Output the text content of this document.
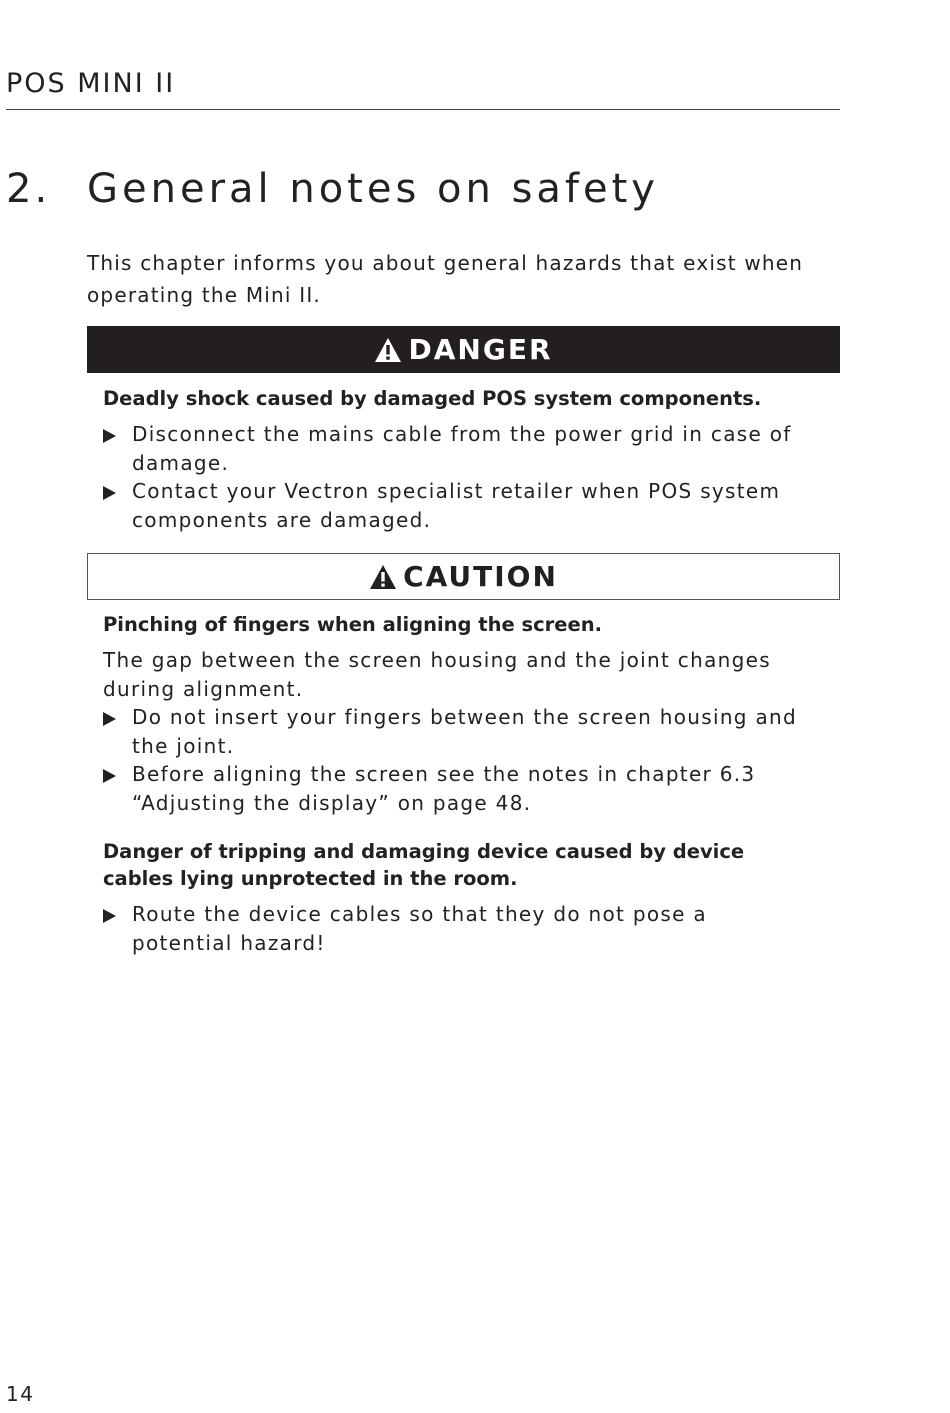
POS MINI II
2. General notes on safety
This chapter informs you about general hazards that exist when operating the Mini II.
DANGER
Deadly shock caused by damaged POS system components.
Disconnect the mains cable from the power grid in case of damage.
Contact your Vectron specialist retailer when POS system components are damaged.
CAUTION
Pinching of fingers when aligning the screen.
The gap between the screen housing and the joint changes during alignment.
Do not insert your fingers between the screen housing and the joint.
Before aligning the screen see the notes in chapter 6.3 “Adjusting the display” on page 48.
Danger of tripping and damaging device caused by device cables lying unprotected in the room.
Route the device cables so that they do not pose a potential hazard!
14
